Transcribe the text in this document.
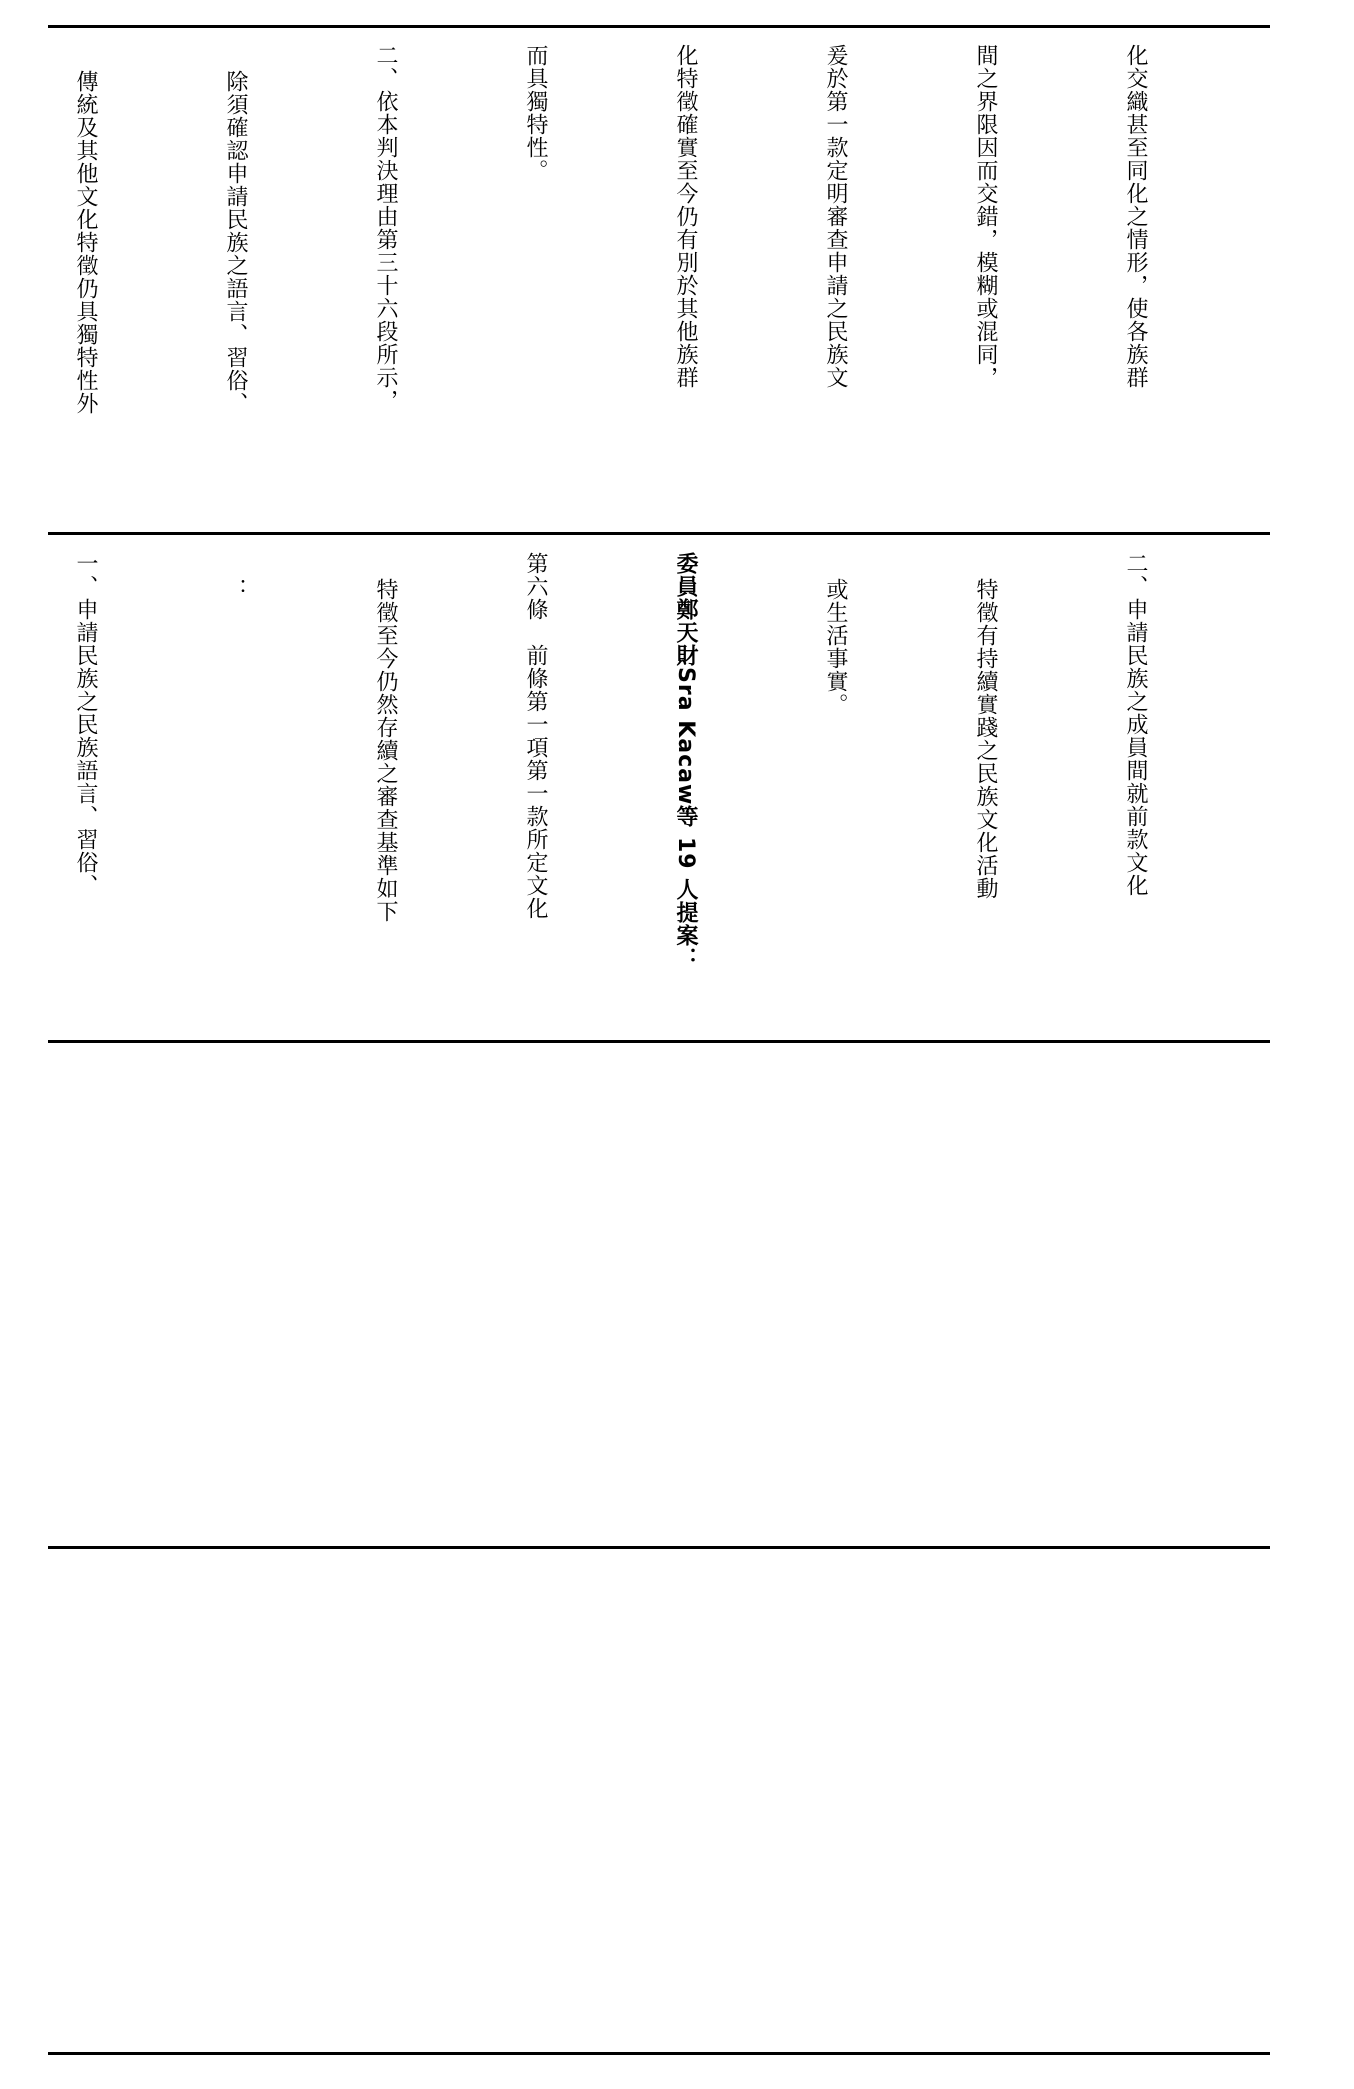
化交織甚至同化之情形，使各族群

間之界限因而交錯，模糊或混同，

爰於第一款定明審查申請之民族文

化特徵確實至今仍有別於其他族群

而具獨特性。

二、依本判決理由第三十六段所示，

除須確認申請民族之語言、習俗、

傳統及其他文化特徵仍具獨特性外

二、申請民族之成員間就前款文化

特徵有持續實踐之民族文化活動

或生活事實。

委員鄭天財Sra Kacaw等 19 人提案：

第六條　前條第一項第一款所定文化

特徵至今仍然存續之審查基準如下

：

一、申請民族之民族語言、習俗、
